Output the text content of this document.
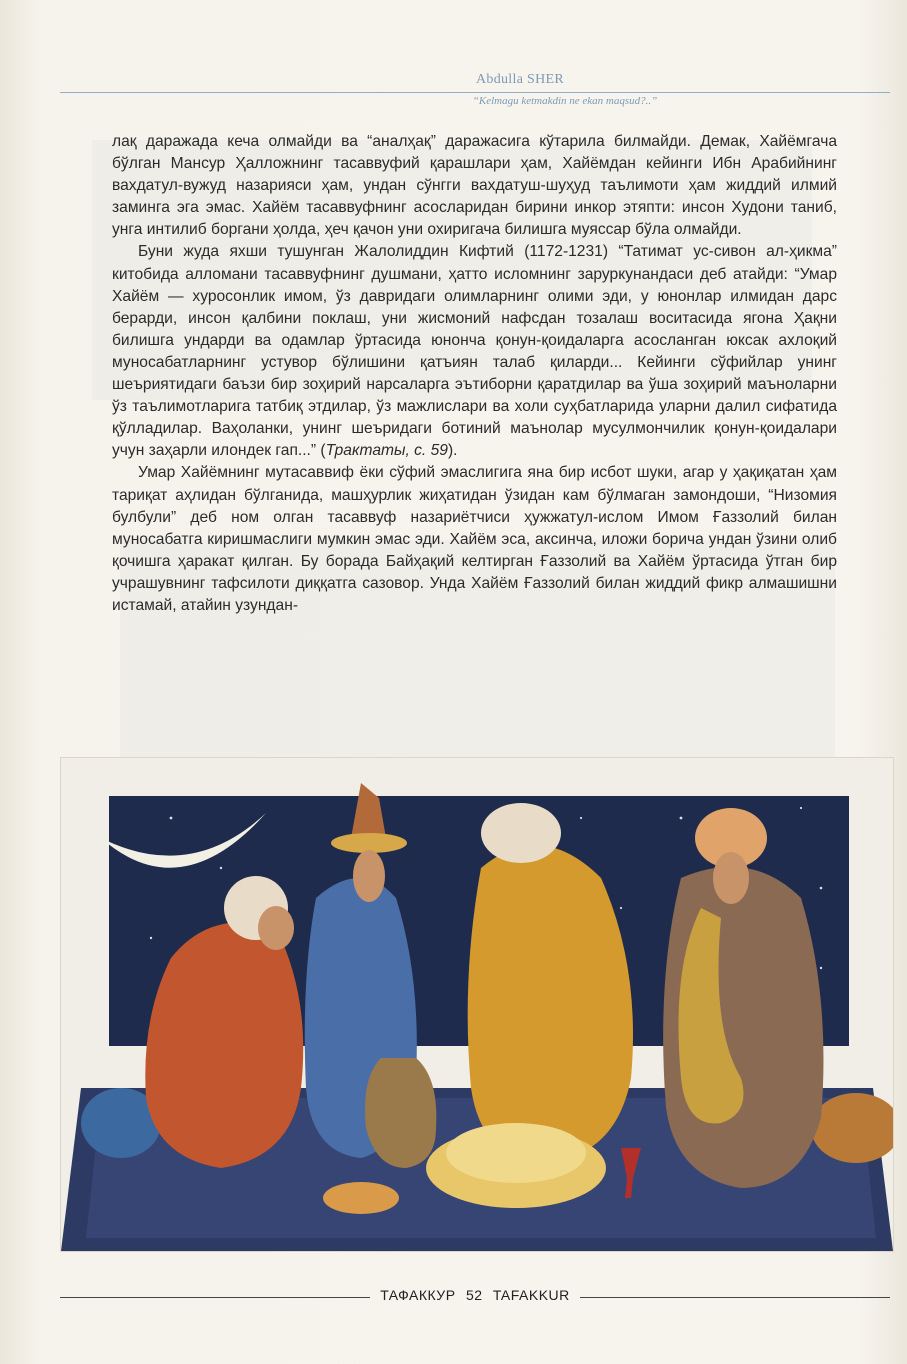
Abdulla SHER
“Kelmagu ketmakdin ne ekan maqsud?..”

лақ даражада кеча олмайди ва “аналҳақ” даражасига кўтарила билмайди. Демак, Хайёмгача бўлган Мансур Ҳалложнинг тасаввуфий қарашлари ҳам, Хайёмдан кейинги Ибн Арабийнинг вахдатул-вужуд назарияси ҳам, ундан сўнгги вахдатуш-шуҳуд таълимоти ҳам жиддий илмий заминга эга эмас. Хайём тасаввуфнинг асосларидан бирини инкор этяпти: инсон Худони таниб, унга интилиб боргани ҳолда, ҳеч қачон уни охиригача билишга муяссар бўла олмайди.

Буни жуда яхши тушунган Жалолиддин Кифтий (1172-1231) “Татимат ус-сивон ал-ҳикма” китобида алломани тасаввуфнинг душмани, ҳатто исломнинг заруркунандаси деб атайди: “Умар Хайём — хуросонлик имом, ўз давридаги олимларнинг олими эди, у юнонлар илмидан дарс берарди, инсон қалбини поклаш, уни жисмоний нафсдан тозалаш воситасида ягона Ҳақни билишга ундарди ва одамлар ўртасида юнонча қонун-қоидаларга асосланган юксак ахлоқий муносабатларнинг устувор бўлишини қатъиян талаб қиларди... Кейинги сўфийлар унинг шеъриятидаги баъзи бир зоҳирий нарсаларга эътиборни қаратдилар ва ўша зоҳирий маъноларни ўз таълимотларига татбиқ этдилар, ўз мажлислари ва холи суҳбатларида уларни далил сифатида қўлладилар. Ваҳоланки, унинг шеъридаги ботиний маънолар мусулмончилик қонун-қоидалари учун заҳарли илондек гап...” (Трактаты, с. 59).

Умар Хайёмнинг мутасаввиф ёки сўфий эмаслигига яна бир исбот шуки, агар у ҳақиқатан ҳам тариқат аҳлидан бўлганида, машҳурлик жиҳатидан ўзидан кам бўлмаган замондоши, “Низомия булбули” деб ном олган тасаввуф назариётчиси ҳужжатул-ислом Имом Ғаззолий билан муносабатга киришмаслиги мумкин эмас эди. Хайём эса, аксинча, иложи борича ундан ўзини олиб қочишга ҳаракат қилган. Бу борада Байҳақий келтирган Ғаззолий ва Хайём ўртасида ўтган бир учрашувнинг тафсилоти диққатга сазовор. Унда Хайём Ғаззолий билан жиддий фикр алмашишни истамай, атайин узундан-

ТАФАККУР 52 TAFAKKUR
